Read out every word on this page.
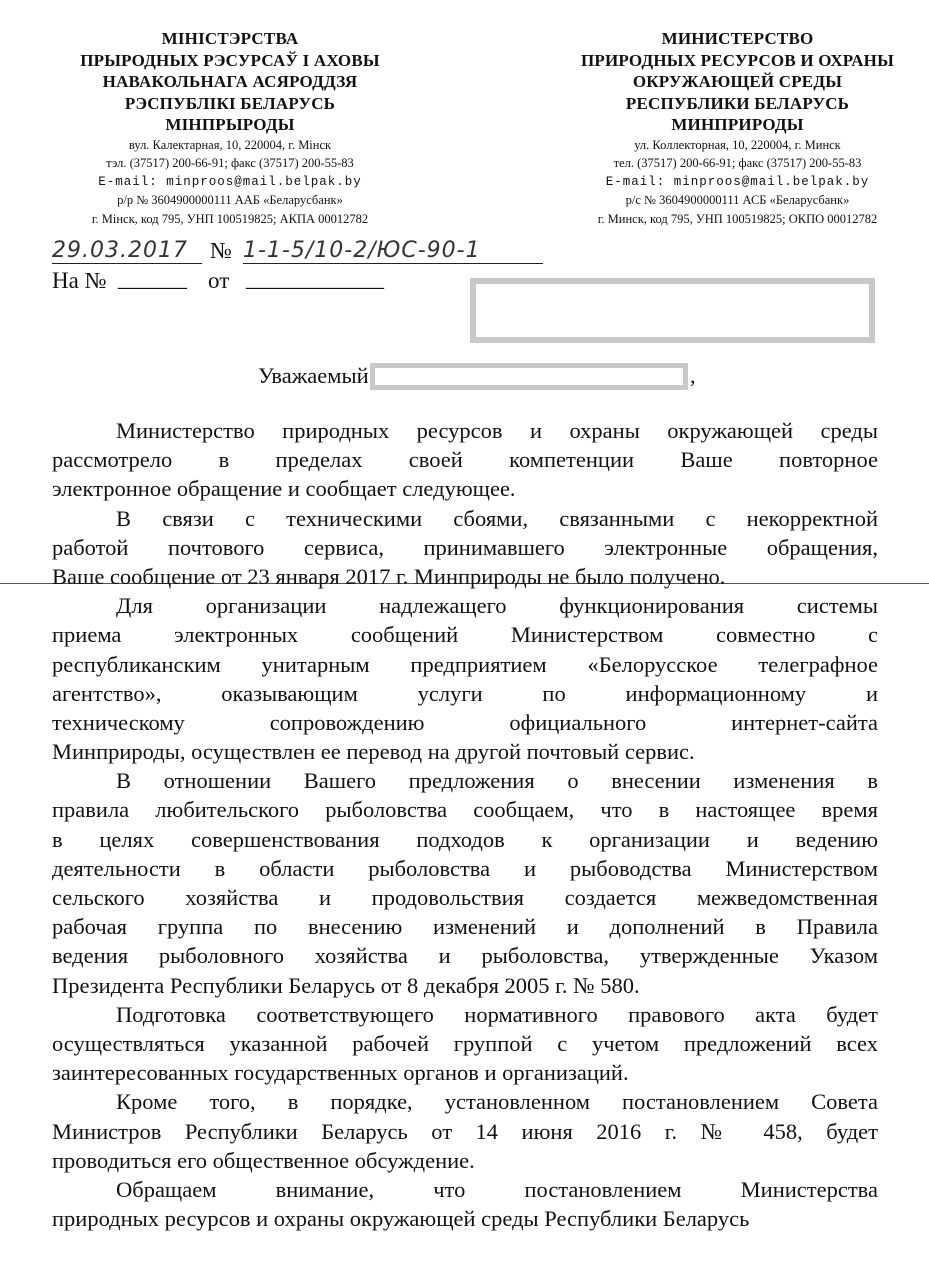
МІНІСТЭРСТВА
ПРЫРОДНЫХ РЭСУРСАЎ І АХОВЫ
НАВАКОЛЬНАГА АСЯРОДДЗЯ
РЭСПУБЛІКІ БЕЛАРУСЬ
МІНПРЫРОДЫ
вул. Калектарная, 10, 220004, г. Мінск
тэл. (37517) 200-66-91; факс (37517) 200-55-83
E-mail: minproos@mail.belpak.by
р/р № 3604900000111 ААБ «Беларусбанк»
г. Мінск, код 795, УНП 100519825; АКПА 00012782
МИНИСТЕРСТВО
ПРИРОДНЫХ РЕСУРСОВ И ОХРАНЫ
ОКРУЖАЮЩЕЙ СРЕДЫ
РЕСПУБЛИКИ БЕЛАРУСЬ
МИНПРИРОДЫ
ул. Коллекторная, 10, 220004, г. Минск
тел. (37517) 200-66-91; факс (37517) 200-55-83
E-mail: minproos@mail.belpak.by
р/с № 3604900000111 АСБ «Беларусбанк»
г. Минск, код 795, УНП 100519825; ОКПО 00012782
29.03.2017 № 1-1-5/10-2/ЮС-90-1
На № ______ от ____________
Уважаемый	,
Министерство природных ресурсов и охраны окружающей среды
рассмотрело в пределах своей компетенции Ваше повторное
электронное обращение и сообщает следующее.
В связи с техническими сбоями, связанными с некорректной
работой почтового сервиса, принимавшего электронные обращения,
Ваше сообщение от 23 января 2017 г. Минприроды не было получено.
Для организации надлежащего функционирования системы
приема электронных сообщений Министерством совместно с
республиканским унитарным предприятием «Белорусское телеграфное
агентство», оказывающим услуги по информационному и
техническому сопровождению официального интернет-сайта
Минприроды, осуществлен ее перевод на другой почтовый сервис.
В отношении Вашего предложения о внесении изменения в
правила любительского рыболовства сообщаем, что в настоящее время
в целях совершенствования подходов к организации и ведению
деятельности в области рыболовства и рыбоводства Министерством
сельского хозяйства и продовольствия создается межведомственная
рабочая группа по внесению изменений и дополнений в Правила
ведения рыболовного хозяйства и рыболовства, утвержденные Указом
Президента Республики Беларусь от 8 декабря 2005 г. № 580.
Подготовка соответствующего нормативного правового акта будет
осуществляться указанной рабочей группой с учетом предложений всех
заинтересованных государственных органов и организаций.
Кроме того, в порядке, установленном постановлением Совета
Министров Республики Беларусь от 14 июня 2016 г. № 458, будет
проводиться его общественное обсуждение.
Обращаем внимание, что постановлением Министерства
природных ресурсов и охраны окружающей среды Республики Беларусь
